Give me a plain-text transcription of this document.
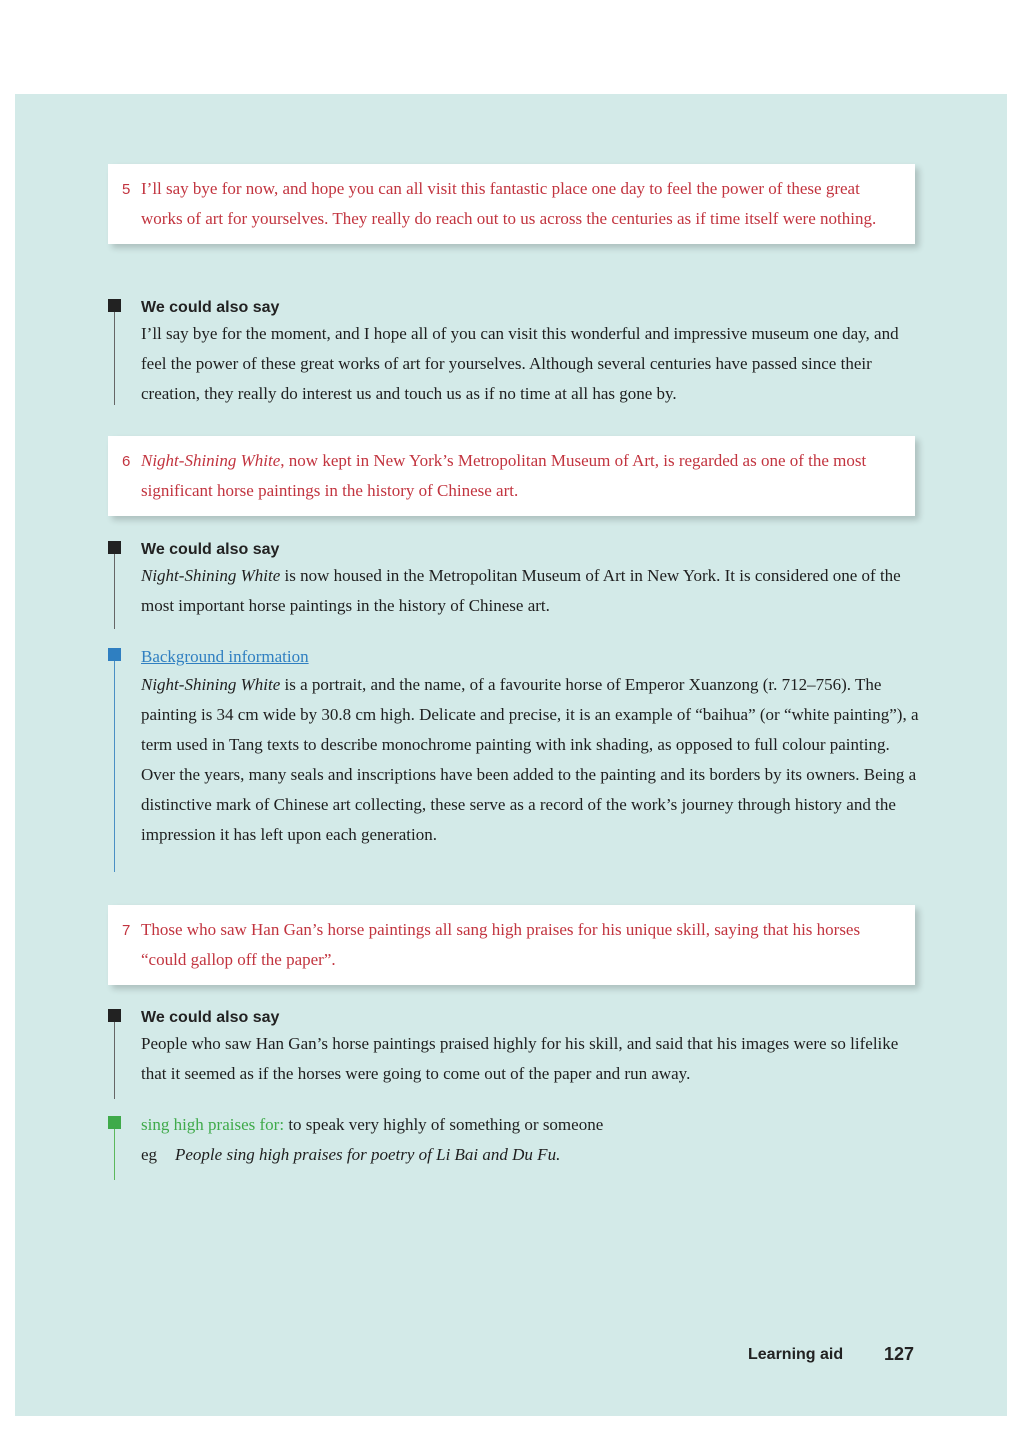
5 I’ll say bye for now, and hope you can all visit this fantastic place one day to feel the power of these great works of art for yourselves. They really do reach out to us across the centuries as if time itself were nothing.
We could also say
I’ll say bye for the moment, and I hope all of you can visit this wonderful and impressive museum one day, and feel the power of these great works of art for yourselves. Although several centuries have passed since their creation, they really do interest us and touch us as if no time at all has gone by.
6 Night-Shining White, now kept in New York’s Metropolitan Museum of Art, is regarded as one of the most significant horse paintings in the history of Chinese art.
We could also say
Night-Shining White is now housed in the Metropolitan Museum of Art in New York. It is considered one of the most important horse paintings in the history of Chinese art.
Background information
Night-Shining White is a portrait, and the name, of a favourite horse of Emperor Xuanzong (r. 712–756). The painting is 34 cm wide by 30.8 cm high. Delicate and precise, it is an example of “baihua” (or “white painting”), a term used in Tang texts to describe monochrome painting with ink shading, as opposed to full colour painting.
Over the years, many seals and inscriptions have been added to the painting and its borders by its owners. Being a distinctive mark of Chinese art collecting, these serve as a record of the work’s journey through history and the impression it has left upon each generation.
7 Those who saw Han Gan’s horse paintings all sang high praises for his unique skill, saying that his horses “could gallop off the paper”.
We could also say
People who saw Han Gan’s horse paintings praised highly for his skill, and said that his images were so lifelike that it seemed as if the horses were going to come out of the paper and run away.
sing high praises for: to speak very highly of something or someone
eg People sing high praises for poetry of Li Bai and Du Fu.
Learning aid 127
